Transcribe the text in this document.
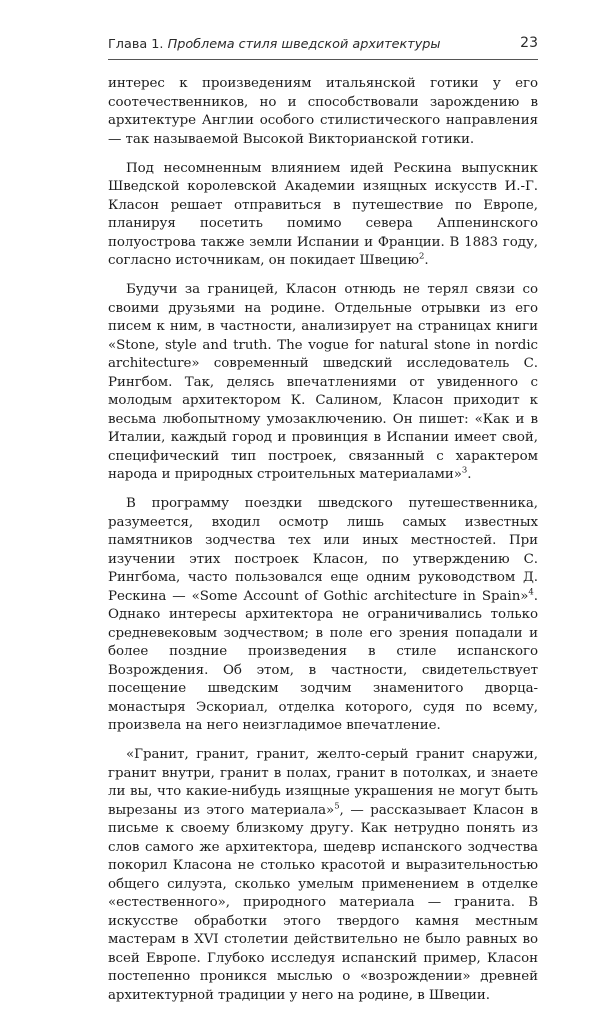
Глава 1. Проблема стиля шведской архитектуры	23

интерес к произведениям итальянской готики у его соотечественников, но и способствовали зарождению в архитектуре Англии особого стилистического направления — так называемой Высокой Викторианской готики.

Под несомненным влиянием идей Рескина выпускник Шведской королевской Академии изящных искусств И.-Г. Класон решает отправиться в путешествие по Европе, планируя посетить помимо севера Аппенинского полуострова также земли Испании и Франции. В 1883 году, согласно источникам, он покидает Швецию$^2$.

Будучи за границей, Класон отнюдь не терял связи со своими друзьями на родине. Отдельные отрывки из его писем к ним, в частности, анализирует на страницах книги «Stone, style and truth. The vogue for natural stone in nordic architecture» современный шведский исследователь С. Рингбом. Так, делясь впечатлениями от увиденного с молодым архитектором К. Салином, Класон приходит к весьма любопытному умозаключению. Он пишет: «Как и в Италии, каждый город и провинция в Испании имеет свой, специфический тип построек, связанный с характером народа и природных строительных материалами»$^3$.

В программу поездки шведского путешественника, разумеется, входил осмотр лишь самых известных памятников зодчества тех или иных местностей. При изучении этих построек Класон, по утверждению С. Рингбома, часто пользовался еще одним руководством Д. Рескина — «Some Account of Gothic architecture in Spain»$^4$. Однако интересы архитектора не ограничивались только средневековым зодчеством; в поле его зрения попадали и более поздние произведения в стиле испанского Возрождения. Об этом, в частности, свидетельствует посещение шведским зодчим знаменитого дворца-монастыря Эскориал, отделка которого, судя по всему, произвела на него неизгладимое впечатление.

«Гранит, гранит, гранит, желто-серый гранит снаружи, гранит внутри, гранит в полах, гранит в потолках, и знаете ли вы, что какие-нибудь изящные украшения не могут быть вырезаны из этого материала»$^5$, — рассказывает Класон в письме к своему близкому другу. Как нетрудно понять из слов самого же архитектора, шедевр испанского зодчества покорил Класона не столько красотой и выразительностью общего силуэта, сколько умелым применением в отделке «естественного», природного материала — гранита. В искусстве обработки этого твердого камня местным мастерам в XVI столетии действительно не было равных во всей Европе. Глубоко исследуя испанский пример, Класон постепенно проникся мыслью о «возрождении» древней архитектурной традиции у него на родине, в Швеции.
